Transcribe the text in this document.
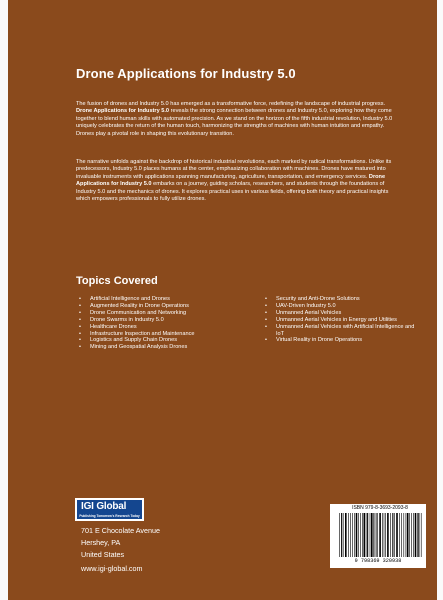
Drone Applications for Industry 5.0

The fusion of drones and Industry 5.0 has emerged as a transformative force, redefining the landscape of industrial progress. Drone Applications for Industry 5.0 reveals the strong connection between drones and Industry 5.0, exploring how they come together to blend human skills with automated precision. As we stand on the horizon of the fifth industrial revolution, Industry 5.0 uniquely celebrates the return of the human touch, harmonizing the strengths of machines with human intuition and empathy. Drones play a pivotal role in shaping this evolutionary transition.

The narrative unfolds against the backdrop of historical industrial revolutions, each marked by radical transformations. Unlike its predecessors, Industry 5.0 places humans at the center, emphasizing collaboration with machines. Drones have matured into invaluable instruments with applications spanning manufacturing, agriculture, transportation, and emergency services. Drone Applications for Industry 5.0 embarks on a journey, guiding scholars, researchers, and students through the foundations of Industry 5.0 and the mechanics of drones. It explores practical uses in various fields, offering both theory and practical insights which empowers professionals to fully utilize drones.

Topics Covered
• Artificial Intelligence and Drones
• Augmented Reality in Drone Operations
• Drone Communication and Networking
• Drone Swarms in Industry 5.0
• Healthcare Drones
• Infrastructure Inspection and Maintenance
• Logistics and Supply Chain Drones
• Mining and Geospatial Analysis Drones
• Security and Anti-Drone Solutions
• UAV-Driven Industry 5.0
• Unmanned Aerial Vehicles
• Unmanned Aerial Vehicles in Energy and Utilities
• Unmanned Aerial Vehicles with Artificial Intelligence and IoT
• Virtual Reality in Drone Operations
IGI Global
Publishing Tomorrow's Research Today

701 E Chocolate Avenue

Hershey, PA

United States

www.igi-global.com

ISBN 979-8-3693-2093-8
9 798369 320938
